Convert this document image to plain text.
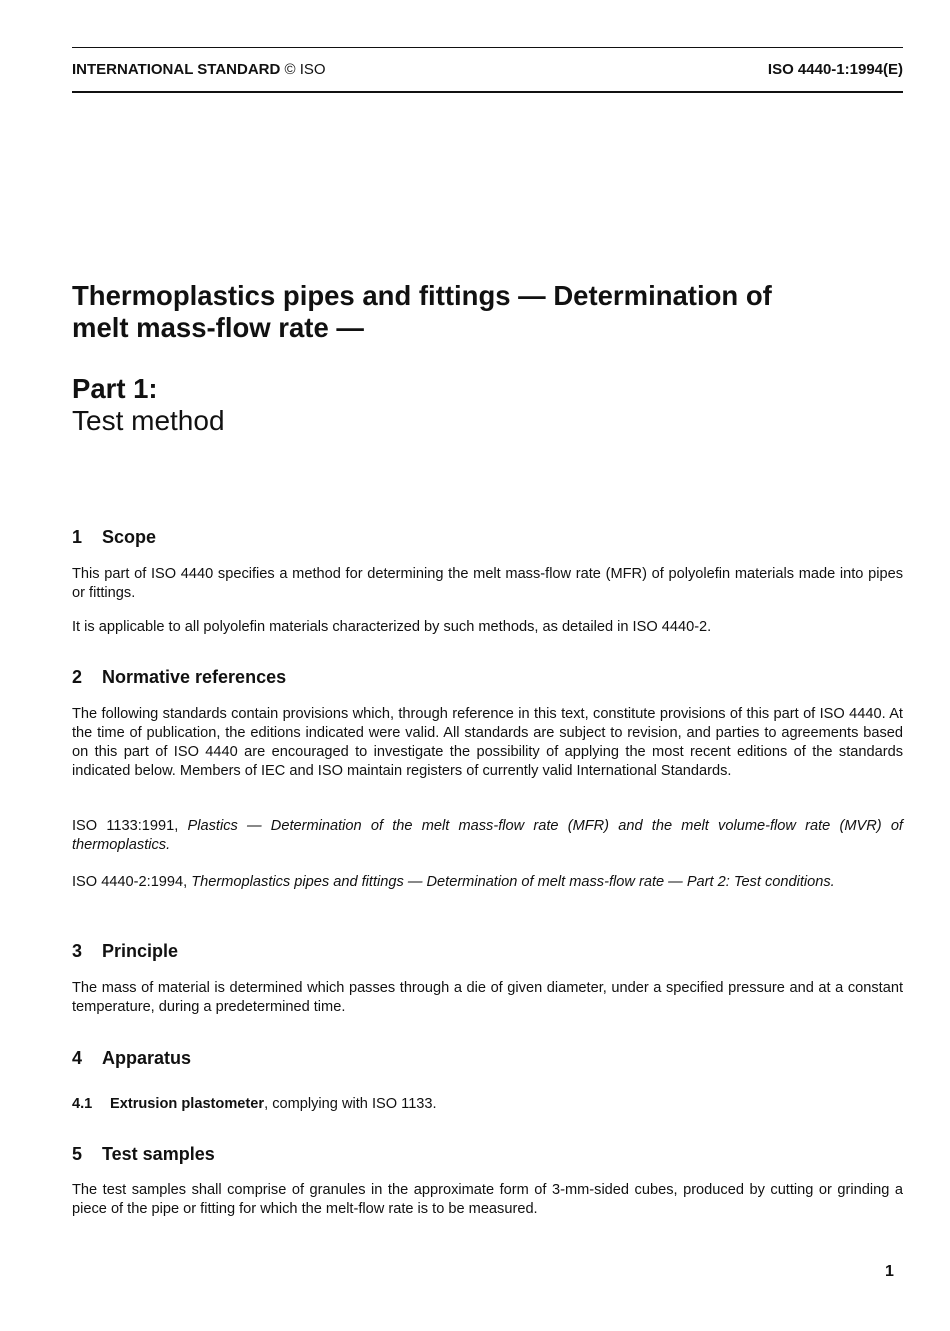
INTERNATIONAL STANDARD © ISO	ISO 4440-1:1994(E)
Thermoplastics pipes and fittings — Determination of
melt mass-flow rate —
Part 1:
Test method
1 Scope

This part of ISO 4440 specifies a method for determining the melt mass-flow rate (MFR) of polyolefin materials made into pipes or fittings.

It is applicable to all polyolefin materials characterized by such methods, as detailed in ISO 4440-2.

2 Normative references

The following standards contain provisions which, through reference in this text, constitute provisions of this part of ISO 4440. At the time of publication, the editions indicated were valid. All standards are subject to revision, and parties to agreements based on this part of ISO 4440 are encouraged to investigate the possibility of applying the most recent editions of the standards indicated below. Members of IEC and ISO maintain registers of currently valid International Standards.

ISO 1133:1991, Plastics — Determination of the melt mass-flow rate (MFR) and the melt volume-flow rate (MVR) of thermoplastics.

ISO 4440-2:1994, Thermoplastics pipes and fittings — Determination of melt mass-flow rate — Part 2: Test conditions.

3 Principle

The mass of material is determined which passes through a die of given diameter, under a specified pressure and at a constant temperature, during a predetermined time.

4 Apparatus

4.1 Extrusion plastometer, complying with ISO 1133.

5 Test samples

The test samples shall comprise of granules in the approximate form of 3-mm-sided cubes, produced by cutting or grinding a piece of the pipe or fitting for which the melt-flow rate is to be measured.

1
